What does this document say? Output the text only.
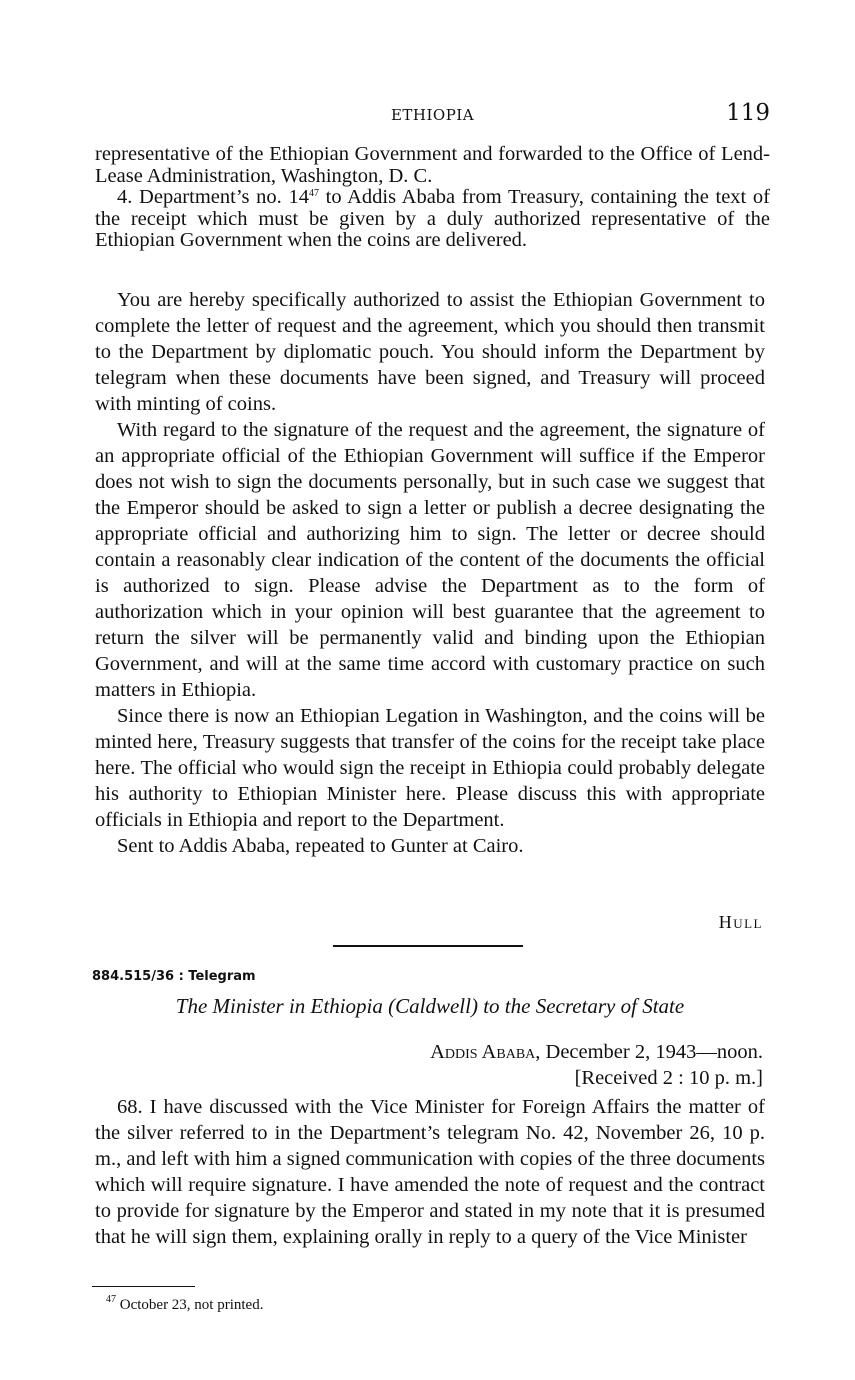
ETHIOPIA	119

representative of the Ethiopian Government and forwarded to the Office of Lend-Lease Administration, Washington, D. C.

4. Department’s no. $14^{47}$ to Addis Ababa from Treasury, containing the text of the receipt which must be given by a duly authorized representative of the Ethiopian Government when the coins are delivered.

You are hereby specifically authorized to assist the Ethiopian Government to complete the letter of request and the agreement, which you should then transmit to the Department by diplomatic pouch. You should inform the Department by telegram when these documents have been signed, and Treasury will proceed with minting of coins.

With regard to the signature of the request and the agreement, the signature of an appropriate official of the Ethiopian Government will suffice if the Emperor does not wish to sign the documents personally, but in such case we suggest that the Emperor should be asked to sign a letter or publish a decree designating the appropriate official and authorizing him to sign. The letter or decree should contain a reasonably clear indication of the content of the documents the official is authorized to sign. Please advise the Department as to the form of authorization which in your opinion will best guarantee that the agreement to return the silver will be permanently valid and binding upon the Ethiopian Government, and will at the same time accord with customary practice on such matters in Ethiopia.

Since there is now an Ethiopian Legation in Washington, and the coins will be minted here, Treasury suggests that transfer of the coins for the receipt take place here. The official who would sign the receipt in Ethiopia could probably delegate his authority to Ethiopian Minister here. Please discuss this with appropriate officials in Ethiopia and report to the Department.

Sent to Addis Ababa, repeated to Gunter at Cairo.

Hull
884.515/36 : Telegram
The Minister in Ethiopia (Caldwell) to the Secretary of State
Addis Ababa, December 2, 1943—noon.
[Received 2 : 10 p. m.]

68. I have discussed with the Vice Minister for Foreign Affairs the matter of the silver referred to in the Department’s telegram No. 42, November 26, 10 p. m., and left with him a signed communication with copies of the three documents which will require signature. I have amended the note of request and the contract to provide for signature by the Emperor and stated in my note that it is presumed that he will sign them, explaining orally in reply to a query of the Vice Minister

$^{47}$ October 23, not printed.
